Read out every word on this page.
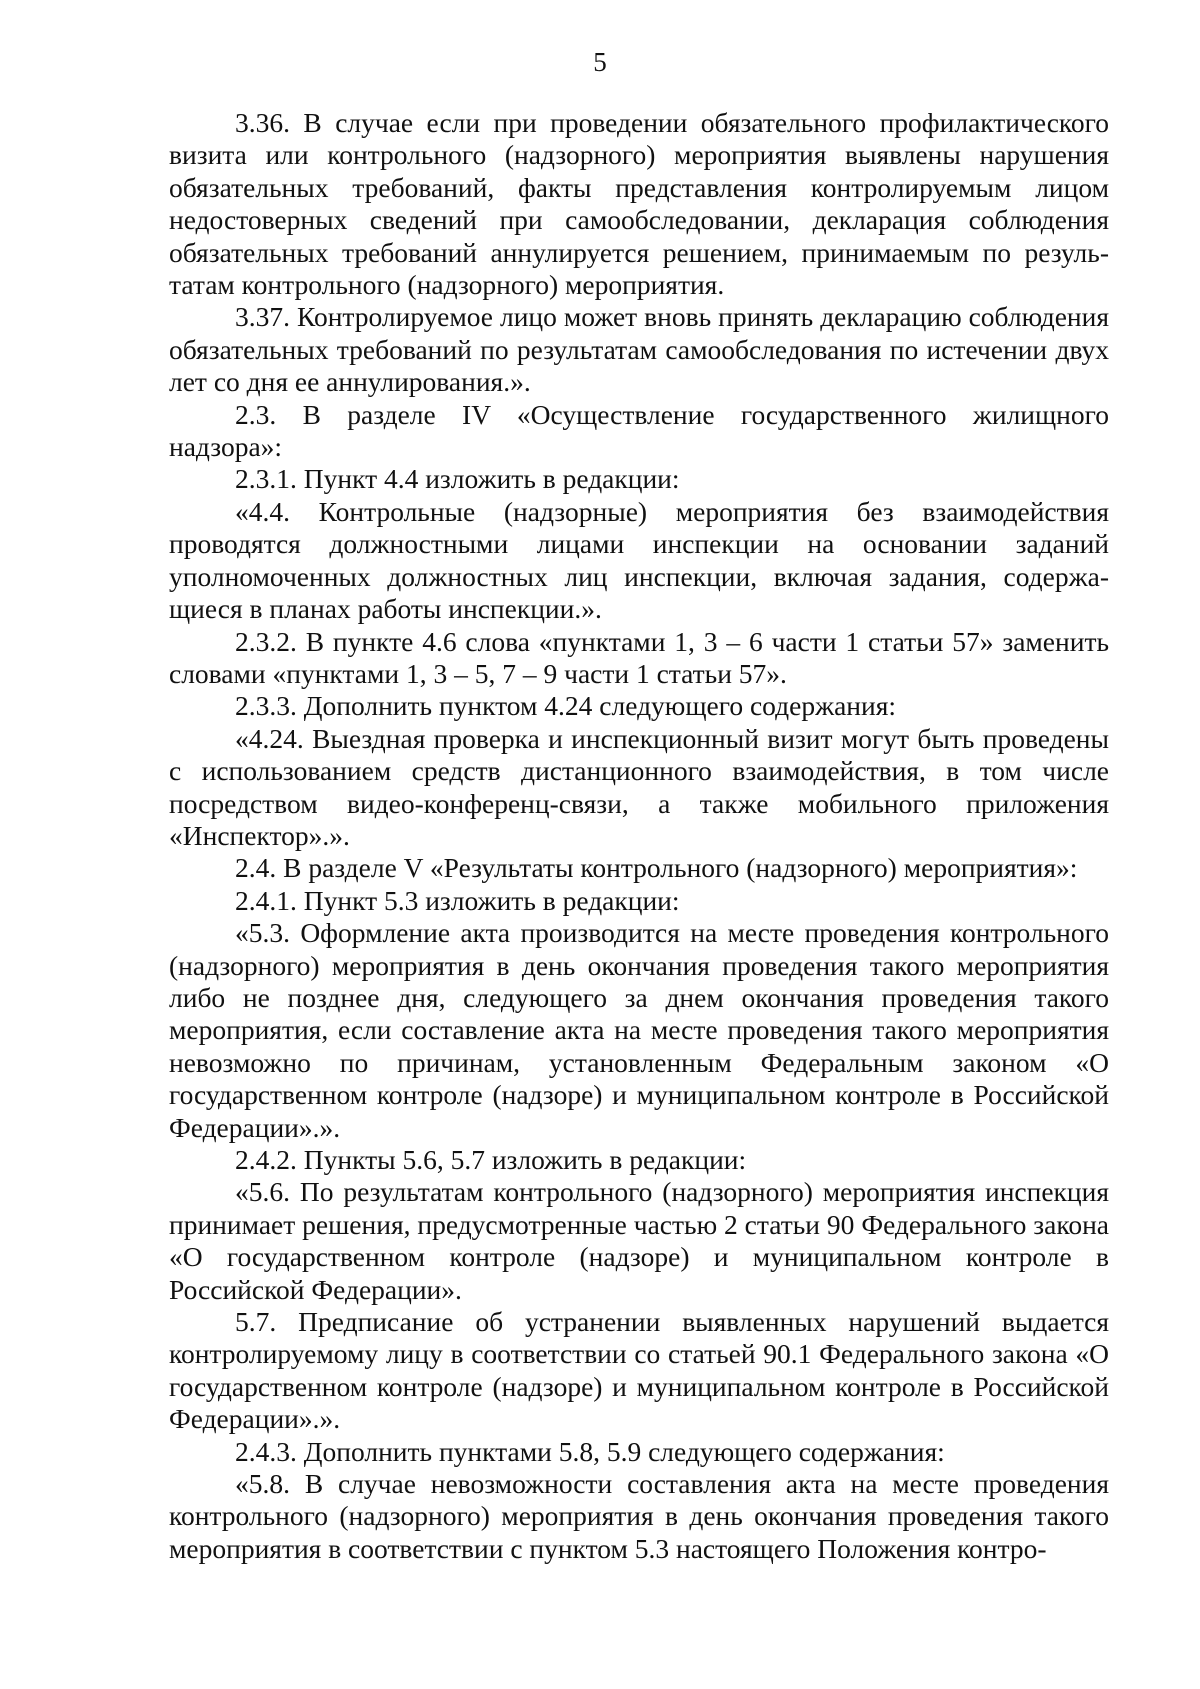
5

3.36. В случае если при проведении обязательного профилактического визита или контрольного (надзорного) мероприятия выявлены нарушения обязательных требований, факты представления контролируемым лицом недостоверных сведений при самообследовании, декларация соблюдения обязательных требований аннулируется решением, принимаемым по результатам контрольного (надзорного) мероприятия.

3.37. Контролируемое лицо может вновь принять декларацию соблюдения обязательных требований по результатам самообследования по истечении двух лет со дня ее аннулирования.».

2.3. В разделе IV «Осуществление государственного жилищного надзора»:

2.3.1. Пункт 4.4 изложить в редакции:

«4.4. Контрольные (надзорные) мероприятия без взаимодействия проводятся должностными лицами инспекции на основании заданий уполномоченных должностных лиц инспекции, включая задания, содержащиеся в планах работы инспекции.».

2.3.2. В пункте 4.6 слова «пунктами 1, 3 – 6 части 1 статьи 57» заменить словами «пунктами 1, 3 – 5, 7 – 9 части 1 статьи 57».

2.3.3. Дополнить пунктом 4.24 следующего содержания:

«4.24. Выездная проверка и инспекционный визит могут быть проведены с использованием средств дистанционного взаимодействия, в том числе посредством видео-конференц-связи, а также мобильного приложения «Инспектор».».

2.4. В разделе V «Результаты контрольного (надзорного) мероприятия»:

2.4.1. Пункт 5.3 изложить в редакции:

«5.3. Оформление акта производится на месте проведения контрольного (надзорного) мероприятия в день окончания проведения такого мероприятия либо не позднее дня, следующего за днем окончания проведения такого мероприятия, если составление акта на месте проведения такого мероприятия невозможно по причинам, установленным Федеральным законом «О государственном контроле (надзоре) и муниципальном контроле в Российской Федерации».».

2.4.2. Пункты 5.6, 5.7 изложить в редакции:

«5.6. По результатам контрольного (надзорного) мероприятия инспекция принимает решения, предусмотренные частью 2 статьи 90 Федерального закона «О государственном контроле (надзоре) и муниципальном контроле в Российской Федерации».

5.7. Предписание об устранении выявленных нарушений выдается контролируемому лицу в соответствии со статьей 90.1 Федерального закона «О государственном контроле (надзоре) и муниципальном контроле в Российской Федерации».».

2.4.3. Дополнить пунктами 5.8, 5.9 следующего содержания:

«5.8. В случае невозможности составления акта на месте проведения контрольного (надзорного) мероприятия в день окончания проведения такого мероприятия в соответствии с пунктом 5.3 настоящего Положения контро-
